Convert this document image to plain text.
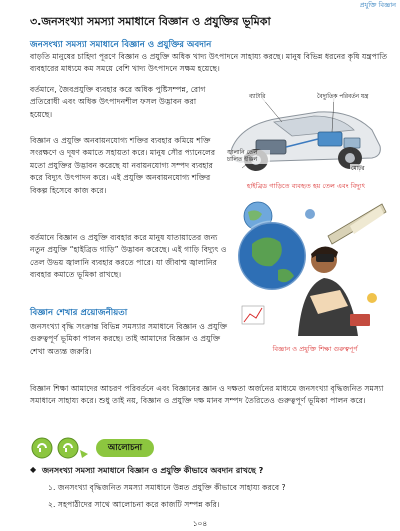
প্রযুক্তি বিজ্ঞান
৩.জনসংখ্যা সমস্যা সমাধানে বিজ্ঞান ও প্রযুক্তির ভূমিকা
জনসংখ্যা সমস্যা সমাধানে বিজ্ঞান ও প্রযুক্তির অবদান
বাড়তি মানুষের চাহিদা পূরণে বিজ্ঞান ও প্রযুক্তি অধিক খাদ্য উৎপাদনে সাহায্য করছে। মানুষ বিভিন্ন ধরনের কৃষি যন্ত্রপাতি ব্যবহারের মাধ্যমে কম সময়ে বেশি খাদ্য উৎপাদনে সক্ষম হয়েছে।
বর্তমানে, জৈবপ্রযুক্তি ব্যবহার করে অধিক পুষ্টিসম্পন্ন, রোগ প্রতিরোধী এবং অধিক উৎপাদনশীল ফসল উদ্ভাবন করা হয়েছে।
বিজ্ঞান ও প্রযুক্তি অনবায়নযোগ্য শক্তির ব্যবহার কমিয়ে শক্তি সংরক্ষণে ও দূষণ কমাতে সহায়তা করে। মানুষ সৌর প্যানেলের মতো প্রযুক্তির উদ্ভাবন করেছে যা নবায়নযোগ্য সম্পদ ব্যবহার করে বিদ্যুৎ উৎপাদন করে। এই প্রযুক্তি অনবায়নযোগ্য শক্তির বিকল্প হিসেবে কাজ করে।
বর্তমানে বিজ্ঞান ও প্রযুক্তি ব্যবহার করে মানুষ যাতায়াতের জন্য নতুন প্রযুক্তি “হাইব্রিড গাড়ি” উদ্ভাবন করেছে। এই গাড়ি বিদ্যুৎ ও তেল উভয় জ্বালানি ব্যবহার করতে পারে। যা জীবাশ্ম জ্বালানির ব্যবহার কমাতে ভূমিকা রাখছে।
ব্যাটারি	বৈদ্যুতিক পরিবর্তন যন্ত্র
জ্বালানি তেল চালিত ইঞ্জিন
মোটর
হাইব্রিড গাড়িতে ব্যবহৃত হয় তেল এবং বিদ্যুৎ
বিজ্ঞান ও প্রযুক্তি শিক্ষা গুরুত্বপূর্ণ
বিজ্ঞান শেখার প্রয়োজনীয়তা
জনসংখ্যা বৃদ্ধি সংক্রান্ত বিভিন্ন সমস্যার সমাধানে বিজ্ঞান ও প্রযুক্তি গুরুত্বপূর্ণ ভূমিকা পালন করছে। তাই আমাদের বিজ্ঞান ও প্রযুক্তি শেখা অত্যন্ত জরুরি।
বিজ্ঞান শিক্ষা আমাদের আচরণ পরিবর্তনে এবং বিজ্ঞানের জ্ঞান ও দক্ষতা অর্জনের মাধ্যমে জনসংখ্যা বৃদ্ধিজনিত সমস্যা সমাধানে সাহায্য করে। শুধু তাই নয়, বিজ্ঞান ও প্রযুক্তি দক্ষ মানব সম্পদ তৈরিতেও গুরুত্বপূর্ণ ভূমিকা পালন করে।
আলোচনা
◆ জনসংখ্যা সমস্যা সমাধানে বিজ্ঞান ও প্রযুক্তি কীভাবে অবদান রাখছে ?
১. জনসংখ্যা বৃদ্ধিজনিত সমস্যা সমাধানে উন্নত প্রযুক্তি কীভাবে সাহায্য করবে ?
২. সহপাঠীদের সাথে আলোচনা করে কাজটি সম্পন্ন করি।
১০৪
